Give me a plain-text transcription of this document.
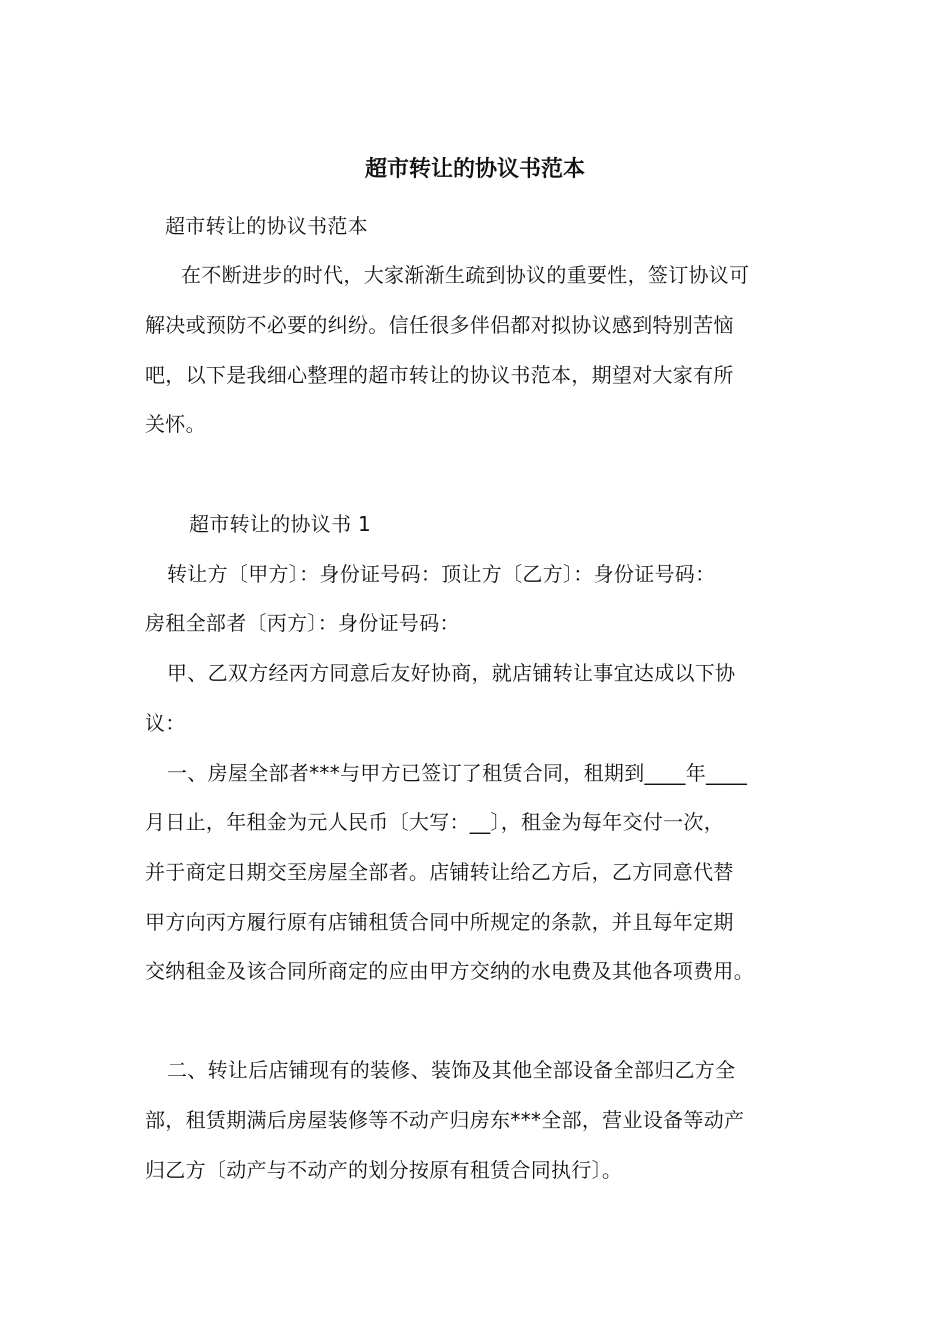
超市转让的协议书范本
超市转让的协议书范本
在不断进步的时代，大家渐渐生疏到协议的重要性，签订协议可
解决或预防不必要的纠纷。信任很多伴侣都对拟协议感到特别苦恼
吧，以下是我细心整理的超市转让的协议书范本，期望对大家有所
关怀。
超市转让的协议书 1
转让方〔甲方〕：身份证号码：顶让方〔乙方〕：身份证号码：
房租全部者〔丙方〕：身份证号码：
甲、乙双方经丙方同意后友好协商，就店铺转让事宜达成以下协
议：
一、房屋全部者***与甲方已签订了租赁合同，租期到____年____
月日止，年租金为元人民币〔大写：__〕，租金为每年交付一次，
并于商定日期交至房屋全部者。店铺转让给乙方后，乙方同意代替
甲方向丙方履行原有店铺租赁合同中所规定的条款，并且每年定期
交纳租金及该合同所商定的应由甲方交纳的水电费及其他各项费用。
二、转让后店铺现有的装修、装饰及其他全部设备全部归乙方全
部，租赁期满后房屋装修等不动产归房东***全部，营业设备等动产
归乙方〔动产与不动产的划分按原有租赁合同执行〕。
